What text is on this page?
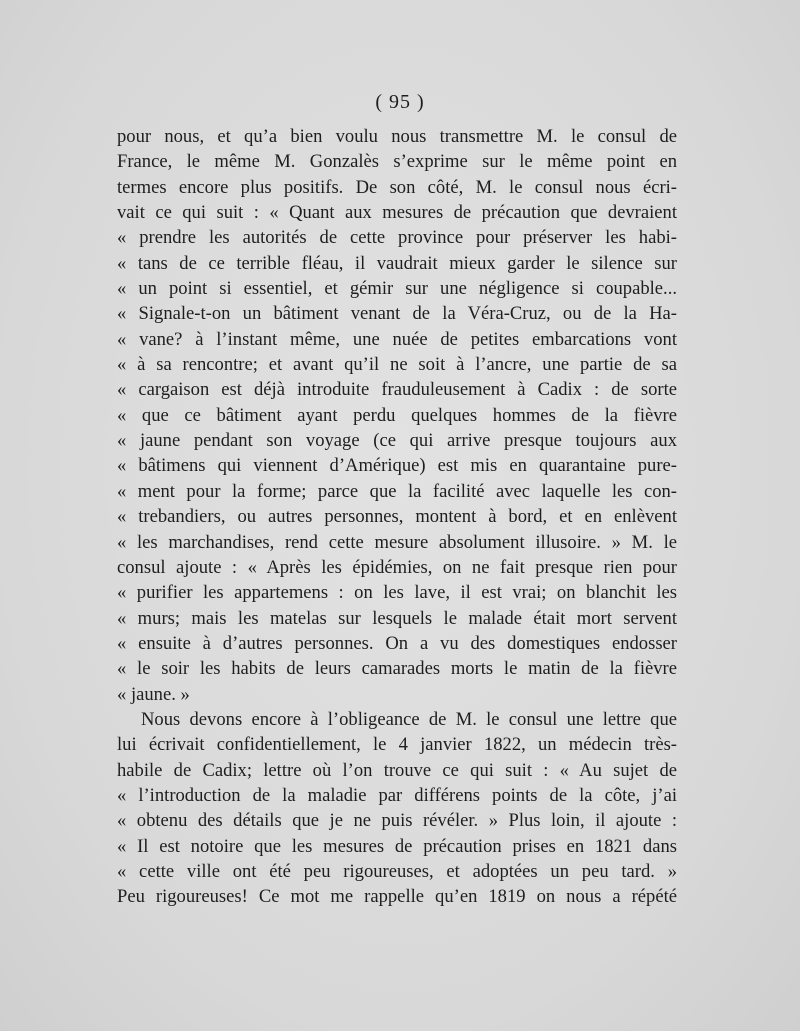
( 95 )
pour nous, et qu’a bien voulu nous transmettre M. le consul de
France, le même M. Gonzalès s’exprime sur le même point en
termes encore plus positifs. De son côté, M. le consul nous écri-
vait ce qui suit : « Quant aux mesures de précaution que devraient
« prendre les autorités de cette province pour préserver les habi-
« tans de ce terrible fléau, il vaudrait mieux garder le silence sur
« un point si essentiel, et gémir sur une négligence si coupable...
« Signale-t-on un bâtiment venant de la Véra-Cruz, ou de la Ha-
« vane? à l’instant même, une nuée de petites embarcations vont
« à sa rencontre; et avant qu’il ne soit à l’ancre, une partie de sa
« cargaison est déjà introduite frauduleusement à Cadix : de sorte
« que ce bâtiment ayant perdu quelques hommes de la fièvre
« jaune pendant son voyage (ce qui arrive presque toujours aux
« bâtimens qui viennent d’Amérique) est mis en quarantaine pure-
« ment pour la forme; parce que la facilité avec laquelle les con-
« trebandiers, ou autres personnes, montent à bord, et en enlèvent
« les marchandises, rend cette mesure absolument illusoire. » M. le
consul ajoute : « Après les épidémies, on ne fait presque rien pour
« purifier les appartemens : on les lave, il est vrai; on blanchit les
« murs; mais les matelas sur lesquels le malade était mort servent
« ensuite à d’autres personnes. On a vu des domestiques endosser
« le soir les habits de leurs camarades morts le matin de la fièvre
« jaune. »
Nous devons encore à l’obligeance de M. le consul une lettre que
lui écrivait confidentiellement, le 4 janvier 1822, un médecin très-
habile de Cadix; lettre où l’on trouve ce qui suit : « Au sujet de
« l’introduction de la maladie par différens points de la côte, j’ai
« obtenu des détails que je ne puis révéler. » Plus loin, il ajoute :
« Il est notoire que les mesures de précaution prises en 1821 dans
« cette ville ont été peu rigoureuses, et adoptées un peu tard. »
Peu rigoureuses! Ce mot me rappelle qu’en 1819 on nous a répété
